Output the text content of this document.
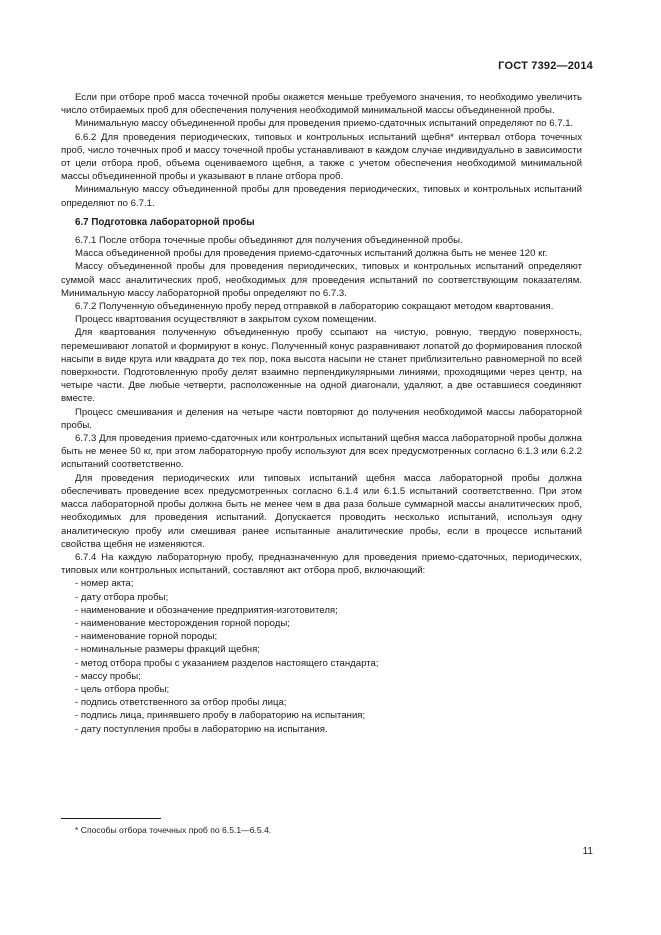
ГОСТ 7392—2014

Если при отборе проб масса точечной пробы окажется меньше требуемого значения, то необходимо увеличить число отбираемых проб для обеспечения получения необходимой минимальной массы объединенной пробы.

Минимальную массу объединенной пробы для проведения приемо-сдаточных испытаний определяют по 6.7.1.

6.6.2 Для проведения периодических, типовых и контрольных испытаний щебня* интервал отбора точечных проб, число точечных проб и массу точечной пробы устанавливают в каждом случае индивидуально в зависимости от цели отбора проб, объема оцениваемого щебня, а также с учетом обеспечения необходимой минимальной массы объединенной пробы и указывают в плане отбора проб.

Минимальную массу объединенной пробы для проведения периодических, типовых и контрольных испытаний определяют по 6.7.1.

6.7 Подготовка лабораторной пробы

6.7.1 После отбора точечные пробы объединяют для получения объединенной пробы.

Масса объединенной пробы для проведения приемо-сдаточных испытаний должна быть не менее 120 кг.

Массу объединенной пробы для проведения периодических, типовых и контрольных испытаний определяют суммой масс аналитических проб, необходимых для проведения испытаний по соответствующим показателям. Минимальную массу лабораторной пробы определяют по 6.7.3.

6.7.2 Полученную объединенную пробу перед отправкой в лабораторию сокращают методом квартования.

Процесс квартования осуществляют в закрытом сухом помещении.

Для квартования полученную объединенную пробу ссыпают на чистую, ровную, твердую поверхность, перемешивают лопатой и формируют в конус. Полученный конус разравнивают лопатой до формирования плоской насыпи в виде круга или квадрата до тех пор, пока высота насыпи не станет приблизительно равномерной по всей поверхности. Подготовленную пробу делят взаимно перпендикулярными линиями, проходящими через центр, на четыре части. Две любые четверти, расположенные на одной диагонали, удаляют, а две оставшиеся соединяют вместе.

Процесс смешивания и деления на четыре части повторяют до получения необходимой массы лабораторной пробы.

6.7.3 Для проведения приемо-сдаточных или контрольных испытаний щебня масса лабораторной пробы должна быть не менее 50 кг, при этом лабораторную пробу используют для всех предусмотренных согласно 6.1.3 или 6.2.2 испытаний соответственно.

Для проведения периодических или типовых испытаний щебня масса лабораторной пробы должна обеспечивать проведение всех предусмотренных согласно 6.1.4 или 6.1.5 испытаний соответственно. При этом масса лабораторной пробы должна быть не менее чем в два раза больше суммарной массы аналитических проб, необходимых для проведения испытаний. Допускается проводить несколько испытаний, используя одну аналитическую пробу или смешивая ранее испытанные аналитические пробы, если в процессе испытаний свойства щебня не изменяются.

6.7.4 На каждую лабораторную пробу, предназначенную для проведения приемо-сдаточных, периодических, типовых или контрольных испытаний, составляют акт отбора проб, включающий:

- номер акта;
- дату отбора пробы;
- наименование и обозначение предприятия-изготовителя;
- наименование месторождения горной породы;
- наименование горной породы;
- номинальные размеры фракций щебня;
- метод отбора пробы с указанием разделов настоящего стандарта;
- массу пробы;
- цель отбора пробы;
- подпись ответственного за отбор пробы лица;
- подпись лица, принявшего пробу в лабораторию на испытания;
- дату поступления пробы в лабораторию на испытания.
* Способы отбора точечных проб по 6.5.1—6.5.4.
11
